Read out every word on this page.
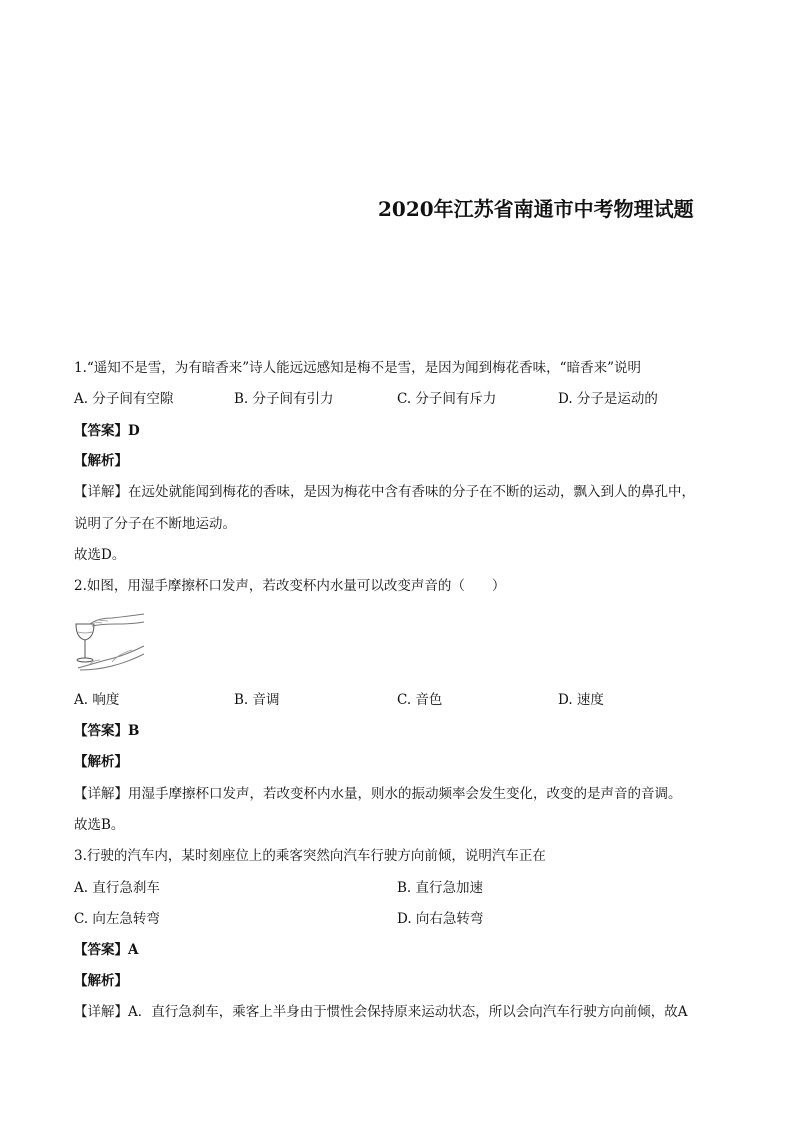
2020年江苏省南通市中考物理试题
1.“遥知不是雪，为有暗香来”诗人能远远感知是梅不是雪，是因为闻到梅花香味，“暗香来”说明
A. 分子间有空隙	B. 分子间有引力	C. 分子间有斥力	D. 分子是运动的
【答案】D
【解析】
【详解】在远处就能闻到梅花的香味，是因为梅花中含有香味的分子在不断的运动，飘入到人的鼻孔中，
说明了分子在不断地运动。
故选D。
2.如图，用湿手摩擦杯口发声，若改变杯内水量可以改变声音的（　　）
A. 响度	B. 音调	C. 音色	D. 速度
【答案】B
【解析】
【详解】用湿手摩擦杯口发声，若改变杯内水量，则水的振动频率会发生变化，改变的是声音的音调。
故选B。
3.行驶的汽车内，某时刻座位上的乘客突然向汽车行驶方向前倾，说明汽车正在
A. 直行急刹车	B. 直行急加速
C. 向左急转弯	D. 向右急转弯
【答案】A
【解析】
【详解】A．直行急刹车，乘客上半身由于惯性会保持原来运动状态，所以会向汽车行驶方向前倾，故A
